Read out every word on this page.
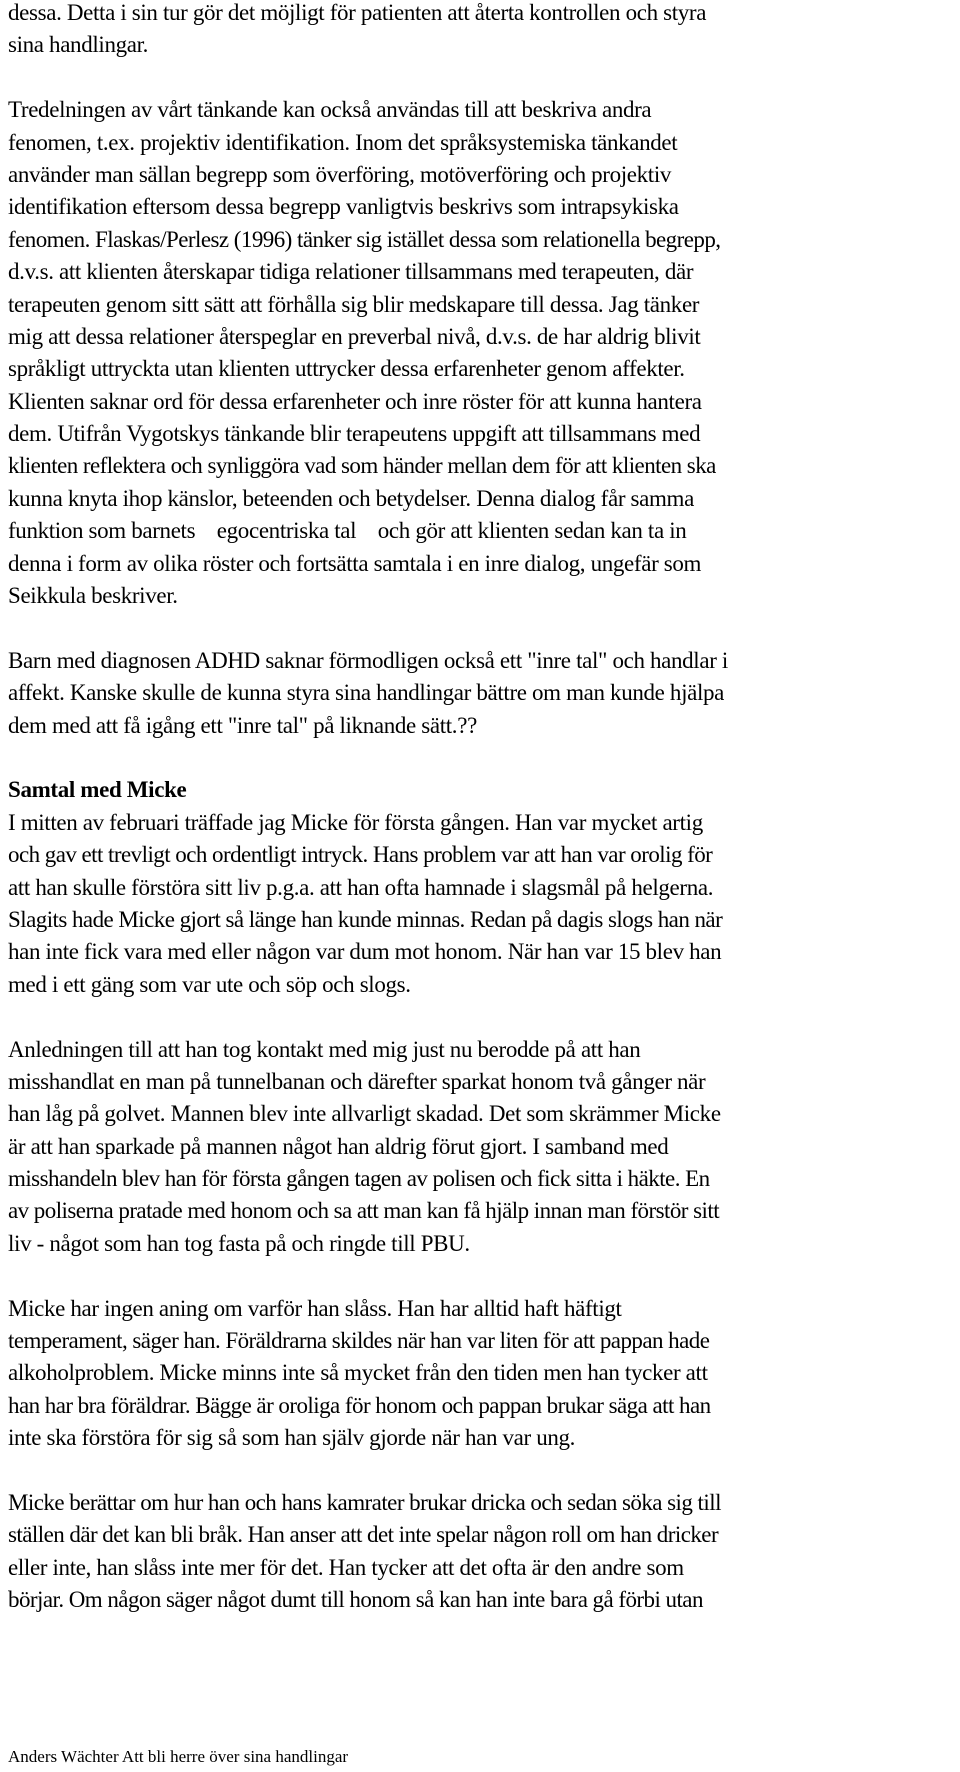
dessa. Detta i sin tur gör det möjligt för patienten att återta kontrollen och styra
sina handlingar.
Tredelningen av vårt tänkande kan också användas till att beskriva andra
fenomen, t.ex. projektiv identifikation. Inom det språksystemiska tänkandet
använder man sällan begrepp som överföring, motöverföring och projektiv
identifikation eftersom dessa begrepp vanligtvis beskrivs som intrapsykiska
fenomen. Flaskas/Perlesz (1996) tänker sig istället dessa som relationella begrepp,
d.v.s. att klienten återskapar tidiga relationer tillsammans med terapeuten, där
terapeuten genom sitt sätt att förhålla sig blir medskapare till dessa. Jag tänker
mig att dessa relationer återspeglar en preverbal nivå, d.v.s. de har aldrig blivit
språkligt uttryckta utan klienten uttrycker dessa erfarenheter genom affekter.
Klienten saknar ord för dessa erfarenheter och inre röster för att kunna hantera
dem. Utifrån Vygotskys tänkande blir terapeutens uppgift att tillsammans med
klienten reflektera och synliggöra vad som händer mellan dem för att klienten ska
kunna knyta ihop känslor, beteenden och betydelser. Denna dialog får samma
funktion som barnets    egocentriska tal    och gör att klienten sedan kan ta in
denna i form av olika röster och fortsätta samtala i en inre dialog, ungefär som
Seikkula beskriver.
Barn med diagnosen ADHD saknar förmodligen också ett "inre tal" och handlar i
affekt. Kanske skulle de kunna styra sina handlingar bättre om man kunde hjälpa
dem med att få igång ett "inre tal" på liknande sätt.??
Samtal med Micke
I mitten av februari träffade jag Micke för första gången. Han var mycket artig
och gav ett trevligt och ordentligt intryck. Hans problem var att han var orolig för
att han skulle förstöra sitt liv p.g.a. att han ofta hamnade i slagsmål på helgerna.
Slagits hade Micke gjort så länge han kunde minnas. Redan på dagis slogs han när
han inte fick vara med eller någon var dum mot honom. När han var 15 blev han
med i ett gäng som var ute och söp och slogs.
Anledningen till att han tog kontakt med mig just nu berodde på att han
misshandlat en man på tunnelbanan och därefter sparkat honom två gånger när
han låg på golvet. Mannen blev inte allvarligt skadad. Det som skrämmer Micke
är att han sparkade på mannen något han aldrig förut gjort. I samband med
misshandeln blev han för första gången tagen av polisen och fick sitta i häkte. En
av poliserna pratade med honom och sa att man kan få hjälp innan man förstör sitt
liv - något som han tog fasta på och ringde till PBU.
Micke har ingen aning om varför han slåss. Han har alltid haft häftigt
temperament, säger han. Föräldrarna skildes när han var liten för att pappan hade
alkoholproblem. Micke minns inte så mycket från den tiden men han tycker att
han har bra föräldrar. Bägge är oroliga för honom och pappan brukar säga att han
inte ska förstöra för sig så som han själv gjorde när han var ung.
Micke berättar om hur han och hans kamrater brukar dricka och sedan söka sig till
ställen där det kan bli bråk. Han anser att det inte spelar någon roll om han dricker
eller inte, han slåss inte mer för det. Han tycker att det ofta är den andre som
börjar. Om någon säger något dumt till honom så kan han inte bara gå förbi utan
Anders Wächter Att bli herre över sina handlingar
